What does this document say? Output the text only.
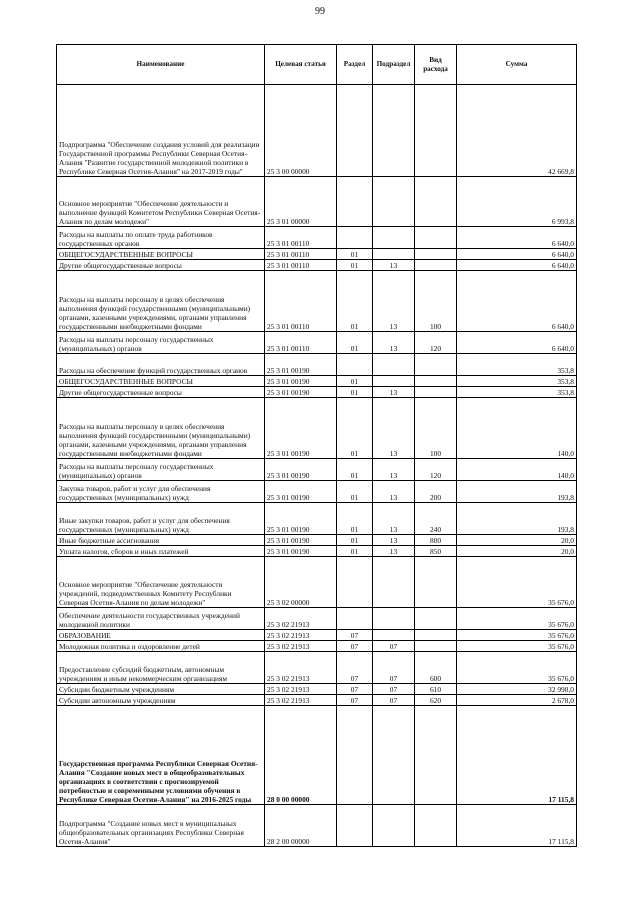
99
Наименование	Целевая статья	Раздел	Подраздел	Вид расхода	Сумма
Подпрограмма "Обеспечение создания условий для реализации Государственной программы Республики Северная Осетия-Алания "Развитие государственной молодежной политики в Республике Северная Осетия-Алания" на 2017-2019 годы"	25 3 00 00000				42 669,8
Основное мероприятие "Обеспечение деятельности и выполнение функций Комитетом Республики Северная Осетия-Алания по делам молодежи"	25 3 01 00000				6 993,8
Расходы на выплаты по оплате труда работников государственных органов	25 3 01 00110				6 640,0
ОБЩЕГОСУДАРСТВЕННЫЕ ВОПРОСЫ	25 3 01 00110	01			6 640,0
Другие общегосударственные вопросы	25 3 01 00110	01	13		6 640,0
Расходы на выплаты персоналу в целях обеспечения выполнения функций государственными (муниципальными) органами, казенными учреждениями, органами управления государственными внебюджетными фондами	25 3 01 00110	01	13	100	6 640,0
Расходы на выплаты персоналу государственных (муниципальных) органов	25 3 01 00110	01	13	120	6 640,0
Расходы на обеспечение функций государственных органов	25 3 01 00190				353,8
ОБЩЕГОСУДАРСТВЕННЫЕ ВОПРОСЫ	25 3 01 00190	01			353,8
Другие общегосударственные вопросы	25 3 01 00190	01	13		353,8
Расходы на выплаты персоналу в целях обеспечения выполнения функций государственными (муниципальными) органами, казенными учреждениями, органами управления государственными внебюджетными фондами	25 3 01 00190	01	13	100	140,0
Расходы на выплаты персоналу государственных (муниципальных) органов	25 3 01 00190	01	13	120	140,0
Закупка товаров, работ и услуг для обеспечения государственных (муниципальных) нужд	25 3 01 00190	01	13	200	193,8
Иные закупки товаров, работ и услуг для обеспечения государственных (муниципальных) нужд	25 3 01 00190	01	13	240	193,8
Иные бюджетные ассигнования	25 3 01 00190	01	13	800	20,0
Уплата налогов, сборов и иных платежей	25 3 01 00190	01	13	850	20,0
Основное мероприятие "Обеспечение деятельности учреждений, подведомственных Комитету Республики Северная Осетия-Алания по делам молодежи"	25 3 02 00000				35 676,0
Обеспечение деятельности государственных учреждений молодежной политики	25 3 02 21913				35 676,0
ОБРАЗОВАНИЕ	25 3 02 21913	07			35 676,0
Молодежная политика и оздоровление детей	25 3 02 21913	07	07		35 676,0
Предоставление субсидий бюджетным, автономным учреждениям и иным некоммерческим организациям	25 3 02 21913	07	07	600	35 676,0
Субсидии бюджетным учреждениям	25 3 02 21913	07	07	610	32 998,0
Субсидии автономным учреждениям	25 3 02 21913	07	07	620	2 678,0
Государственная программа Республики Северная Осетия-Алания "Создание новых мест в общеобразовательных организациях в соответствии с прогнозируемой потребностью и современными условиями обучения в Республике Северная Осетия-Алания" на 2016-2025 годы	28 0 00 00000				17 115,8
Подпрограмма "Создание новых мест в муниципальных общеобразовательных организациях Республики Северная Осетия-Алания"	28 2 00 00000				17 115,8
